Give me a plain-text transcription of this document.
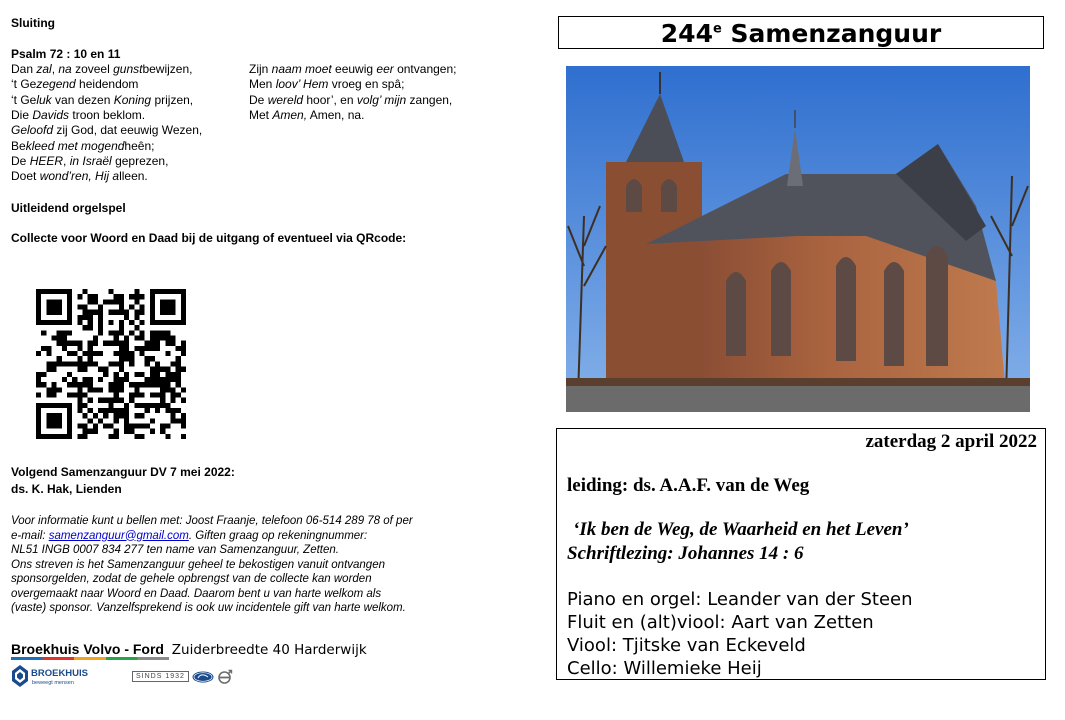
Sluiting
Psalm 72 : 10 en 11
Dan zal, na zoveel gunstbewijzen,
‘t Gezegend heidendom
‘t Geluk van dezen Koning prijzen,
Die Davids troon beklom.
Geloofd zij God, dat eeuwig Wezen,
Bekleed met mogendheên;
De HEER, in Israël geprezen,
Doet wond’ren, Hij alleen.
Zijn naam moet eeuwig eer ontvangen;
Men loov’ Hem vroeg en spâ;
De wereld hoor’, en volg’ mijn zangen,
Met Amen, Amen, na.
Uitleidend orgelspel
Collecte voor Woord en Daad bij de uitgang of eventueel via QRcode:
Volgend Samenzanguur DV 7 mei 2022:
ds. K. Hak, Lienden
Voor informatie kunt u bellen met: Joost Fraanje, telefoon 06-514 289 78 of per
e-mail: samenzanguur@gmail.com. Giften graag op rekeningnummer:
NL51 INGB 0007 834 277 ten name van Samenzanguur, Zetten.
Ons streven is het Samenzanguur geheel te bekostigen vanuit ontvangen
sponsorgelden, zodat de gehele opbrengst van de collecte kan worden
overgemaakt naar Woord en Daad. Daarom bent u van harte welkom als
(vaste) sponsor. Vanzelfsprekend is ook uw incidentele gift van harte welkom.
Broekhuis Volvo - Ford Zuiderbreedte 40 Harderwijk
BROEKHUIS
beweegt mensen
SINDS 1932
244e Samenzanguur
zaterdag 2 april 2022
leiding: ds. A.A.F. van de Weg
‘Ik ben de Weg, de Waarheid en het Leven’
Schriftlezing: Johannes 14 : 6
Piano en orgel: Leander van der Steen
Fluit en (alt)viool: Aart van Zetten
Viool: Tjitske van Eckeveld
Cello: Willemieke Heij
